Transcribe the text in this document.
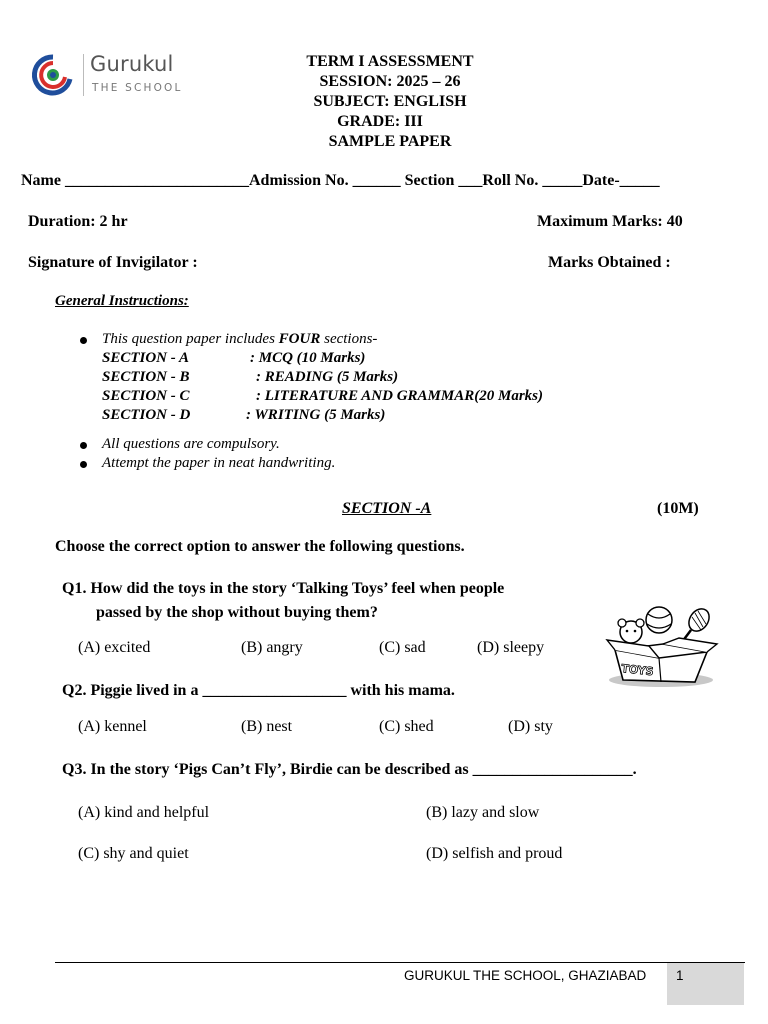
Gurukul
THE SCHOOL
TERM I ASSESSMENT
SESSION: 2025 – 26
SUBJECT: ENGLISH
GRADE: III
SAMPLE PAPER
Name _______________________Admission No. ______ Section ___Roll No. _____Date-_____
Duration: 2 hr	Maximum Marks: 40
Signature of Invigilator :	Marks Obtained :
General Instructions:
This question paper includes FOUR sections-
SECTION - A	: MCQ (10 Marks)
SECTION - B	: READING (5 Marks)
SECTION - C	: LITERATURE AND GRAMMAR(20 Marks)
SECTION - D	: WRITING (5 Marks)
All questions are compulsory.
Attempt the paper in neat handwriting.
SECTION -A	(10M)
Choose the correct option to answer the following questions.
Q1. How did the toys in the story ‘Talking Toys’ feel when people
passed by the shop without buying them?
(A) excited	(B) angry	(C) sad	(D) sleepy
TOYS
Q2. Piggie lived in a __________________ with his mama.
(A) kennel	(B) nest	(C) shed	(D) sty
Q3. In the story ‘Pigs Can’t Fly’, Birdie can be described as ____________________.
(A) kind and helpful	(B) lazy and slow
(C) shy and quiet	(D) selfish and proud
GURUKUL THE SCHOOL, GHAZIABAD 1
